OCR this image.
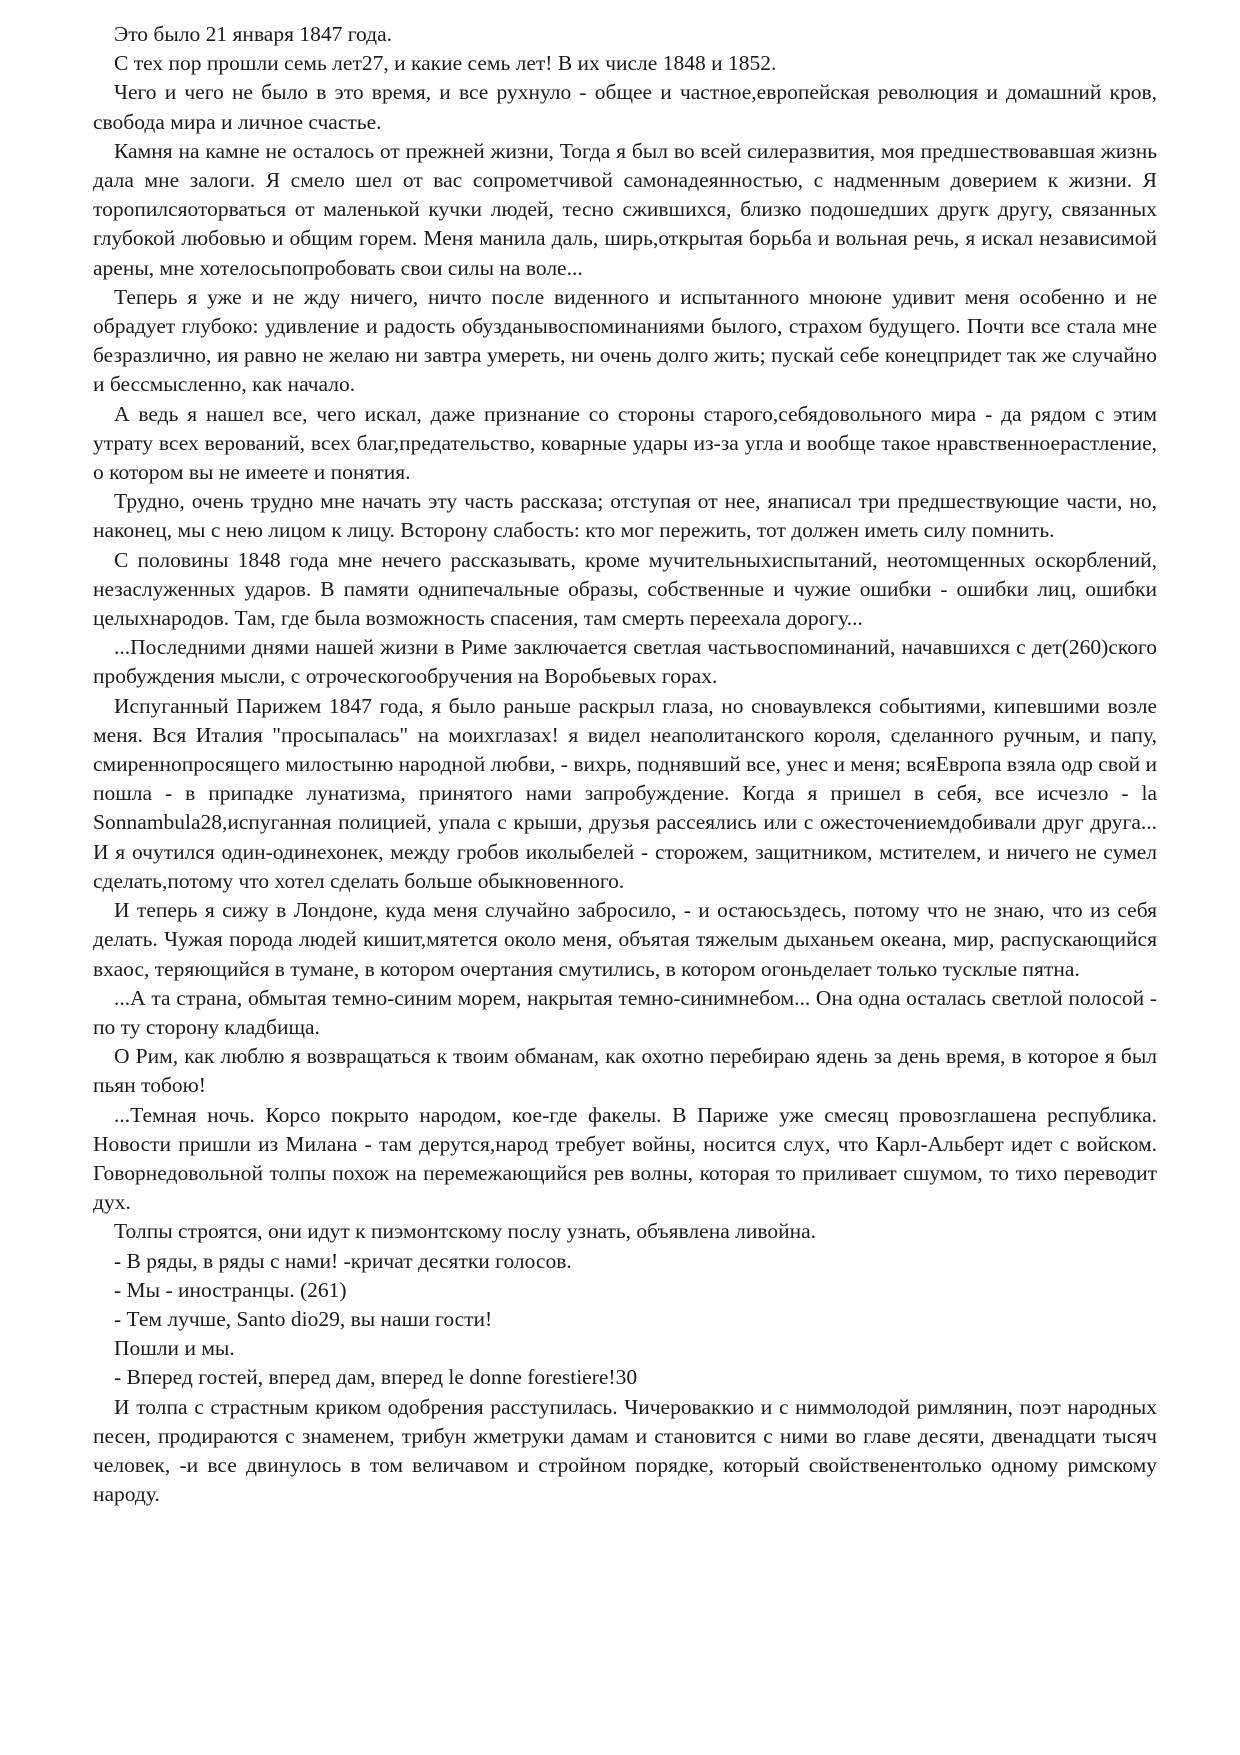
Это было 21 января 1847 года.

С тех пор прошли семь лет27, и какие семь лет! В их числе 1848 и 1852.

Чего и чего не было в это время, и все рухнуло - общее и частное,европейская революция и домашний кров, свобода мира и личное счастье.

Камня на камне не осталось от прежней жизни, Тогда я был во всей силеразвития, моя предшествовавшая жизнь дала мне залоги. Я смело шел от вас сопрометчивой самонадеянностью, с надменным доверием к жизни. Я торопилсяоторваться от маленькой кучки людей, тесно сжившихся, близко подошедших другк другу, связанных глубокой любовью и общим горем. Меня манила даль, ширь,открытая борьба и вольная речь, я искал независимой арены, мне хотелосьпопробовать свои силы на воле...

Теперь я уже и не жду ничего, ничто после виденного и испытанного мноюне удивит меня особенно и не обрадует глубоко: удивление и радость обузданывоспоминаниями былого, страхом будущего. Почти все стала мне безразлично, ия равно не желаю ни завтра умереть, ни очень долго жить; пускай себе конецпридет так же случайно и бессмысленно, как начало.

А ведь я нашел все, чего искал, даже признание со стороны старого,себядовольного мира - да рядом с этим утрату всех верований, всех благ,предательство, коварные удары из-за угла и вообще такое нравственноерастление, о котором вы не имеете и понятия.

Трудно, очень трудно мне начать эту часть рассказа; отступая от нее, янаписал три предшествующие части, но, наконец, мы с нею лицом к лицу. Всторону слабость: кто мог пережить, тот должен иметь силу помнить.

С половины 1848 года мне нечего рассказывать, кроме мучительныхиспытаний, неотомщенных оскорблений, незаслуженных ударов. В памяти однипечальные образы, собственные и чужие ошибки - ошибки лиц, ошибки целыхнародов. Там, где была возможность спасения, там смерть переехала дорогу...

...Последними днями нашей жизни в Риме заключается светлая частьвоспоминаний, начавшихся с дет(260)ского пробуждения мысли, с отроческогообручения на Воробьевых горах.

Испуганный Парижем 1847 года, я было раньше раскрыл глаза, но сноваувлекся событиями, кипевшими возле меня. Вся Италия "просыпалась" на моихглазах! я видел неаполитанского короля, сделанного ручным, и папу, смиреннопросящего милостыню народной любви, - вихрь, поднявший все, унес и меня; всяЕвропа взяла одр свой и пошла - в припадке лунатизма, принятого нами запробуждение. Когда я пришел в себя, все исчезло - la Sonnambula28,испуганная полицией, упала с крыши, друзья рассеялись или с ожесточениемдобивали друг друга... И я очутился один-одинехонек, между гробов иколыбелей - сторожем, защитником, мстителем, и ничего не сумел сделать,потому что хотел сделать больше обыкновенного.

И теперь я сижу в Лондоне, куда меня случайно забросило, - и остаюсьздесь, потому что не знаю, что из себя делать. Чужая порода людей кишит,мятется около меня, объятая тяжелым дыханьем океана, мир, распускающийся вхаос, теряющийся в тумане, в котором очертания смутились, в котором огоньделает только тусклые пятна.

...А та страна, обмытая темно-синим морем, накрытая темно-синимнебом... Она одна осталась светлой полосой - по ту сторону кладбища.

О Рим, как люблю я возвращаться к твоим обманам, как охотно перебираю ядень за день время, в которое я был пьян тобою!

...Темная ночь. Корсо покрыто народом, кое-где факелы. В Париже уже смесяц провозглашена республика. Новости пришли из Милана - там дерутся,народ требует войны, носится слух, что Карл-Альберт идет с войском. Говорнедовольной толпы похож на перемежающийся рев волны, которая то приливает сшумом, то тихо переводит дух.

Толпы строятся, они идут к пиэмонтскому послу узнать, объявлена ливойна.

- В ряды, в ряды с нами! -кричат десятки голосов.

- Мы - иностранцы. (261)

- Тем лучше, Santo dio29, вы наши гости!

Пошли и мы.

- Вперед гостей, вперед дам, вперед le donne forestiere!30

И толпа с страстным криком одобрения расступилась. Чичероваккио и с ниммолодой римлянин, поэт народных песен, продираются с знаменем, трибун жметруки дамам и становится с ними во главе десяти, двенадцати тысяч человек, -и все двинулось в том величавом и стройном порядке, который свойственентолько одному римскому народу.
